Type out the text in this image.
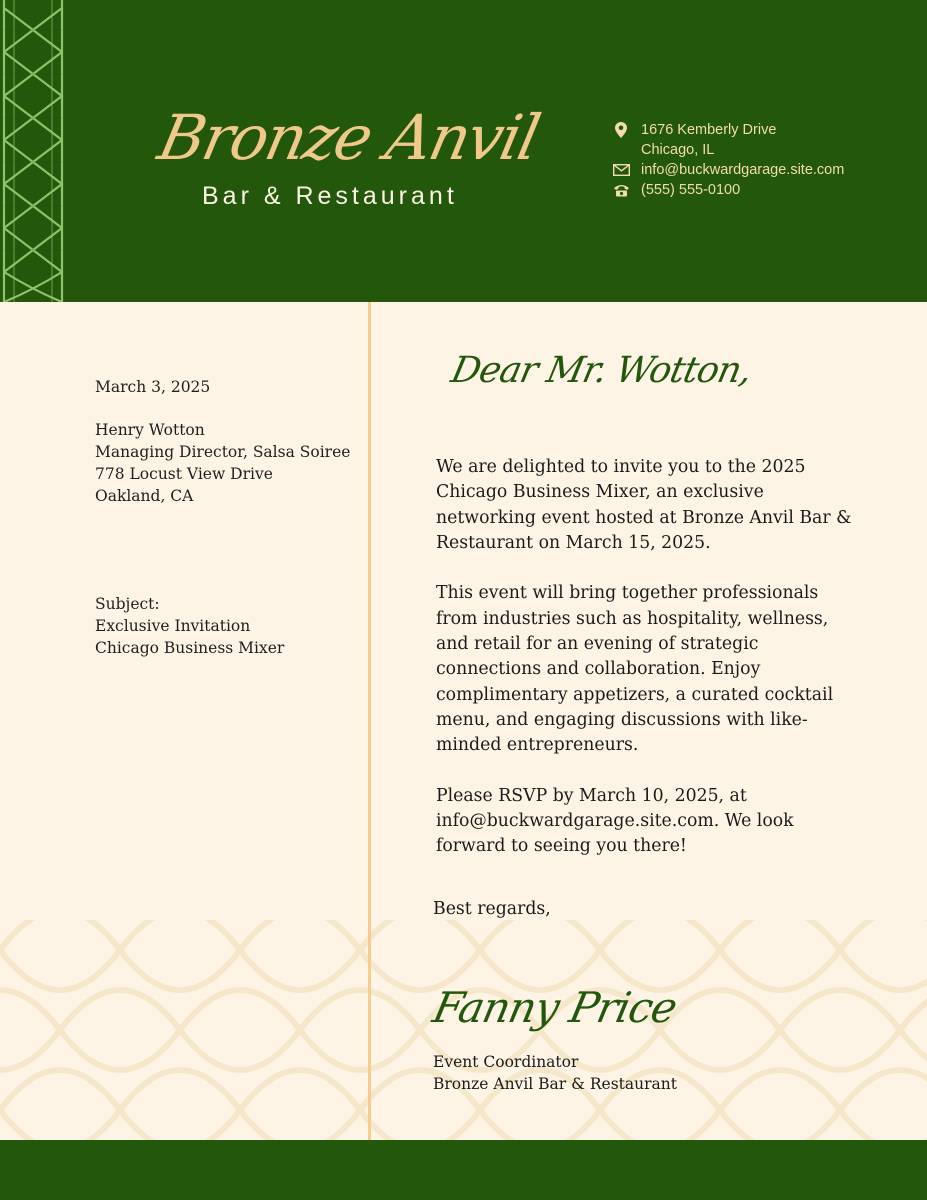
Bronze Anvil
Bar & Restaurant
1676 Kemberly Drive
Chicago, IL
info@buckwardgarage.site.com
(555) 555-0100
March 3, 2025
Henry Wotton
Managing Director, Salsa Soiree
778 Locust View Drive
Oakland, CA
Subject:
Exclusive Invitation
Chicago Business Mixer
Dear Mr. Wotton,

We are delighted to invite you to the 2025 Chicago Business Mixer, an exclusive networking event hosted at Bronze Anvil Bar & Restaurant on March 15, 2025.

This event will bring together professionals from industries such as hospitality, wellness, and retail for an evening of strategic connections and collaboration. Enjoy complimentary appetizers, a curated cocktail menu, and engaging discussions with like-minded entrepreneurs.

Please RSVP by March 10, 2025, at info@buckwardgarage.site.com. We look forward to seeing you there!

Best regards,
Fanny Price
Event Coordinator
Bronze Anvil Bar & Restaurant
